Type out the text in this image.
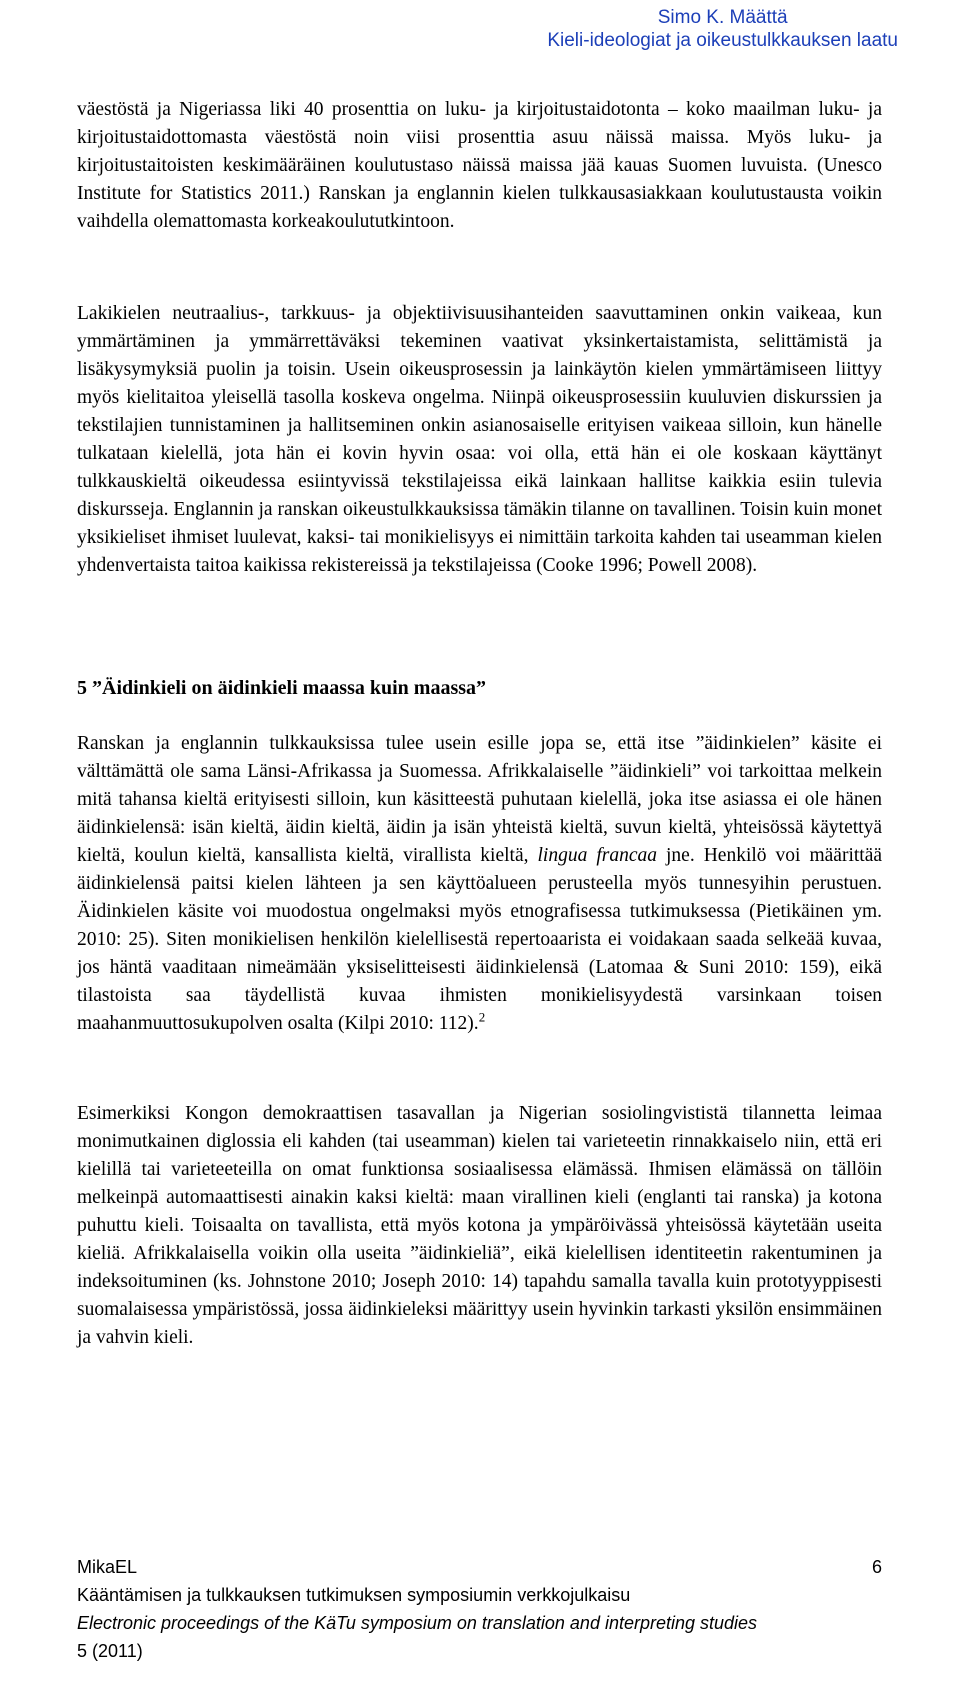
Simo K. Määttä
Kieli-ideologiat ja oikeustulkkauksen laatu

väestöstä ja Nigeriassa liki 40 prosenttia on luku- ja kirjoitustaidotonta – koko maailman luku- ja kirjoitustaidottomasta väestöstä noin viisi prosenttia asuu näissä maissa. Myös luku- ja kirjoitustaitoisten keskimääräinen koulutustaso näissä maissa jää kauas Suomen luvuista. (Unesco Institute for Statistics 2011.) Ranskan ja englannin kielen tulkkausasiakkaan koulutustausta voikin vaihdella olemattomasta korkeakoulututkintoon.

Lakikielen neutraalius-, tarkkuus- ja objektiivisuusihanteiden saavuttaminen onkin vaikeaa, kun ymmärtäminen ja ymmärrettäväksi tekeminen vaativat yksinkertaistamista, selittämistä ja lisäkysymyksiä puolin ja toisin. Usein oikeusprosessin ja lainkäytön kielen ymmärtämiseen liittyy myös kielitaitoa yleisellä tasolla koskeva ongelma. Niinpä oikeusprosessiin kuuluvien diskurssien ja tekstilajien tunnistaminen ja hallitseminen onkin asianosaiselle erityisen vaikeaa silloin, kun hänelle tulkataan kielellä, jota hän ei kovin hyvin osaa: voi olla, että hän ei ole koskaan käyttänyt tulkkauskieltä oikeudessa esiintyvissä tekstilajeissa eikä lainkaan hallitse kaikkia esiin tulevia diskursseja. Englannin ja ranskan oikeustulkkauksissa tämäkin tilanne on tavallinen. Toisin kuin monet yksikieliset ihmiset luulevat, kaksi- tai monikielisyys ei nimittäin tarkoita kahden tai useamman kielen yhdenvertaista taitoa kaikissa rekistereissä ja tekstilajeissa (Cooke 1996; Powell 2008).

5 ”Äidinkieli on äidinkieli maassa kuin maassa”

Ranskan ja englannin tulkkauksissa tulee usein esille jopa se, että itse ”äidinkielen” käsite ei välttämättä ole sama Länsi-Afrikassa ja Suomessa. Afrikkalaiselle ”äidinkieli” voi tarkoittaa melkein mitä tahansa kieltä erityisesti silloin, kun käsitteestä puhutaan kielellä, joka itse asiassa ei ole hänen äidinkielensä: isän kieltä, äidin kieltä, äidin ja isän yhteistä kieltä, suvun kieltä, yhteisössä käytettyä kieltä, koulun kieltä, kansallista kieltä, virallista kieltä, lingua francaa jne. Henkilö voi määrittää äidinkielensä paitsi kielen lähteen ja sen käyttöalueen perusteella myös tunnesyihin perustuen. Äidinkielen käsite voi muodostua ongelmaksi myös etnografisessa tutkimuksessa (Pietikäinen ym. 2010: 25). Siten monikielisen henkilön kielellisestä repertoaarista ei voidakaan saada selkeää kuvaa, jos häntä vaaditaan nimeämään yksiselitteisesti äidinkielensä (Latomaa & Suni 2010: 159), eikä tilastoista saa täydellistä kuvaa ihmisten monikielisyydestä varsinkaan toisen maahanmuuttosukupolven osalta (Kilpi 2010: 112).$^2$

Esimerkiksi Kongon demokraattisen tasavallan ja Nigerian sosiolingvististä tilannetta leimaa monimutkainen diglossia eli kahden (tai useamman) kielen tai varieteetin rinnakkaiselo niin, että eri kielillä tai varieteeteilla on omat funktionsa sosiaalisessa elämässä. Ihmisen elämässä on tällöin melkeinpä automaattisesti ainakin kaksi kieltä: maan virallinen kieli (englanti tai ranska) ja kotona puhuttu kieli. Toisaalta on tavallista, että myös kotona ja ympäröivässä yhteisössä käytetään useita kieliä. Afrikkalaisella voikin olla useita ”äidinkieliä”, eikä kielellisen identiteetin rakentuminen ja indeksoituminen (ks. Johnstone 2010; Joseph 2010: 14) tapahdu samalla tavalla kuin prototyyppisesti suomalaisessa ympäristössä, jossa äidinkieleksi määrittyy usein hyvinkin tarkasti yksilön ensimmäinen ja vahvin kieli.

MikaEL	6
Kääntämisen ja tulkkauksen tutkimuksen symposiumin verkkojulkaisu
Electronic proceedings of the KäTu symposium on translation and interpreting studies
5 (2011)
